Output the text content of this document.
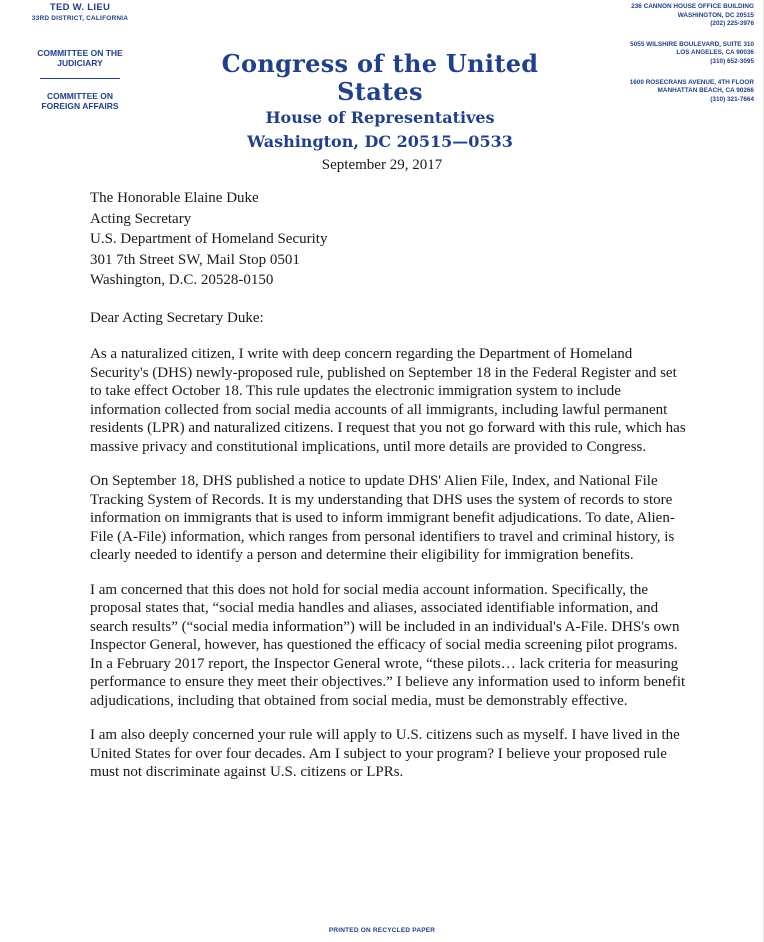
TED W. LIEU
33RD DISTRICT, CALIFORNIA
COMMITTEE ON THE JUDICIARY
COMMITTEE ON FOREIGN AFFAIRS
Congress of the United States
House of Representatives
Washington, DC 20515—0533
236 CANNON HOUSE OFFICE BUILDING
WASHINGTON, DC 20515
(202) 225-3976
5055 WILSHIRE BOULEVARD, SUITE 310
LOS ANGELES, CA 90036
(310) 652-3095
1600 ROSECRANS AVENUE, 4TH FLOOR
MANHATTAN BEACH, CA 90266
(310) 321-7664
September 29, 2017
The Honorable Elaine Duke
Acting Secretary
U.S. Department of Homeland Security
301 7th Street SW, Mail Stop 0501
Washington, D.C. 20528-0150
Dear Acting Secretary Duke:

As a naturalized citizen, I write with deep concern regarding the Department of Homeland Security's (DHS) newly-proposed rule, published on September 18 in the Federal Register and set to take effect October 18. This rule updates the electronic immigration system to include information collected from social media accounts of all immigrants, including lawful permanent residents (LPR) and naturalized citizens. I request that you not go forward with this rule, which has massive privacy and constitutional implications, until more details are provided to Congress.

On September 18, DHS published a notice to update DHS' Alien File, Index, and National File Tracking System of Records. It is my understanding that DHS uses the system of records to store information on immigrants that is used to inform immigrant benefit adjudications. To date, Alien-File (A-File) information, which ranges from personal identifiers to travel and criminal history, is clearly needed to identify a person and determine their eligibility for immigration benefits.

I am concerned that this does not hold for social media account information. Specifically, the proposal states that, “social media handles and aliases, associated identifiable information, and search results” (“social media information”) will be included in an individual's A-File. DHS's own Inspector General, however, has questioned the efficacy of social media screening pilot programs. In a February 2017 report, the Inspector General wrote, “these pilots… lack criteria for measuring performance to ensure they meet their objectives.” I believe any information used to inform benefit adjudications, including that obtained from social media, must be demonstrably effective.

I am also deeply concerned your rule will apply to U.S. citizens such as myself. I have lived in the United States for over four decades. Am I subject to your program? I believe your proposed rule must not discriminate against U.S. citizens or LPRs.

PRINTED ON RECYCLED PAPER
